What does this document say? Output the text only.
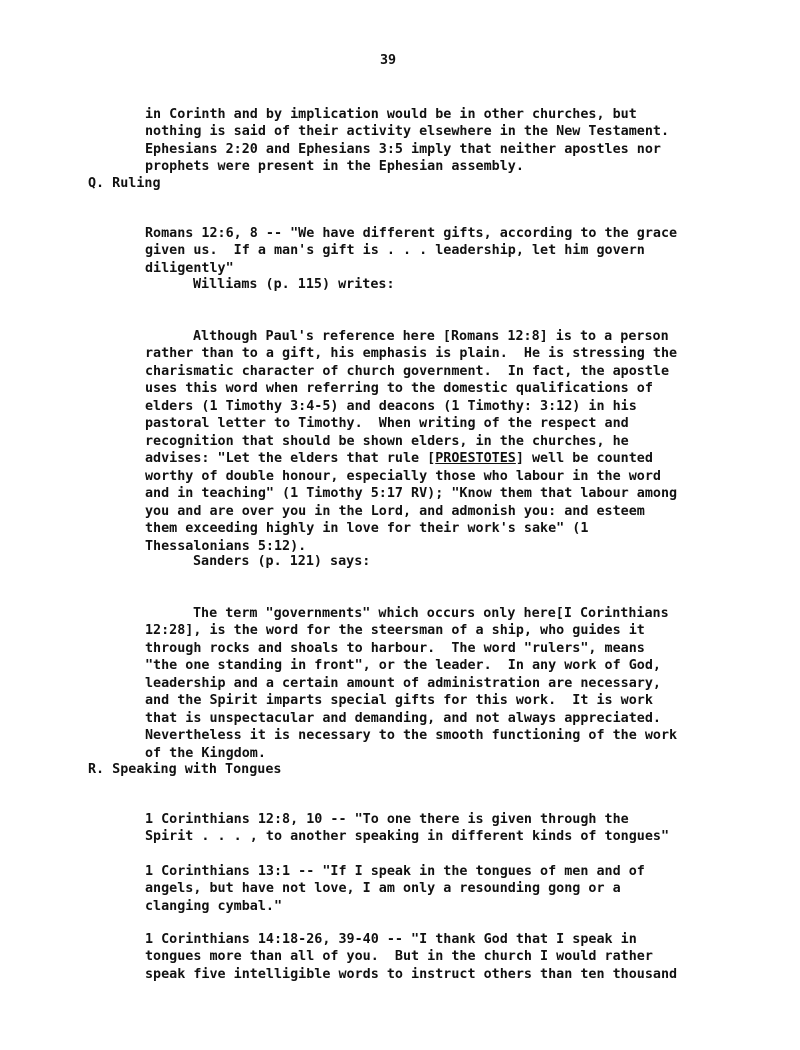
39

in Corinth and by implication would be in other churches, but
nothing is said of their activity elsewhere in the New Testament.
Ephesians 2:20 and Ephesians 3:5 imply that neither apostles nor
prophets were present in the Ephesian assembly.

Q. Ruling

Romans 12:6, 8 -- "We have different gifts, according to the grace
given us.  If a man's gift is . . . leadership, let him govern
diligently"

Williams (p. 115) writes:

Although Paul's reference here [Romans 12:8] is to a person
rather than to a gift, his emphasis is plain.  He is stressing the
charismatic character of church government.  In fact, the apostle
uses this word when referring to the domestic qualifications of
elders (1 Timothy 3:4-5) and deacons (1 Timothy: 3:12) in his
pastoral letter to Timothy.  When writing of the respect and
recognition that should be shown elders, in the churches, he
advises: "Let the elders that rule [PROESTOTES] well be counted
worthy of double honour, especially those who labour in the word
and in teaching" (1 Timothy 5:17 RV); "Know them that labour among
you and are over you in the Lord, and admonish you: and esteem
them exceeding highly in love for their work's sake" (1
Thessalonians 5:12).

Sanders (p. 121) says:

The term "governments" which occurs only here[I Corinthians
12:28], is the word for the steersman of a ship, who guides it
through rocks and shoals to harbour.  The word "rulers", means
"the one standing in front", or the leader.  In any work of God,
leadership and a certain amount of administration are necessary,
and the Spirit imparts special gifts for this work.  It is work
that is unspectacular and demanding, and not always appreciated.
Nevertheless it is necessary to the smooth functioning of the work
of the Kingdom.

R. Speaking with Tongues

1 Corinthians 12:8, 10 -- "To one there is given through the
Spirit . . . , to another speaking in different kinds of tongues"

1 Corinthians 13:1 -- "If I speak in the tongues of men and of
angels, but have not love, I am only a resounding gong or a
clanging cymbal."

1 Corinthians 14:18-26, 39-40 -- "I thank God that I speak in
tongues more than all of you.  But in the church I would rather
speak five intelligible words to instruct others than ten thousand
